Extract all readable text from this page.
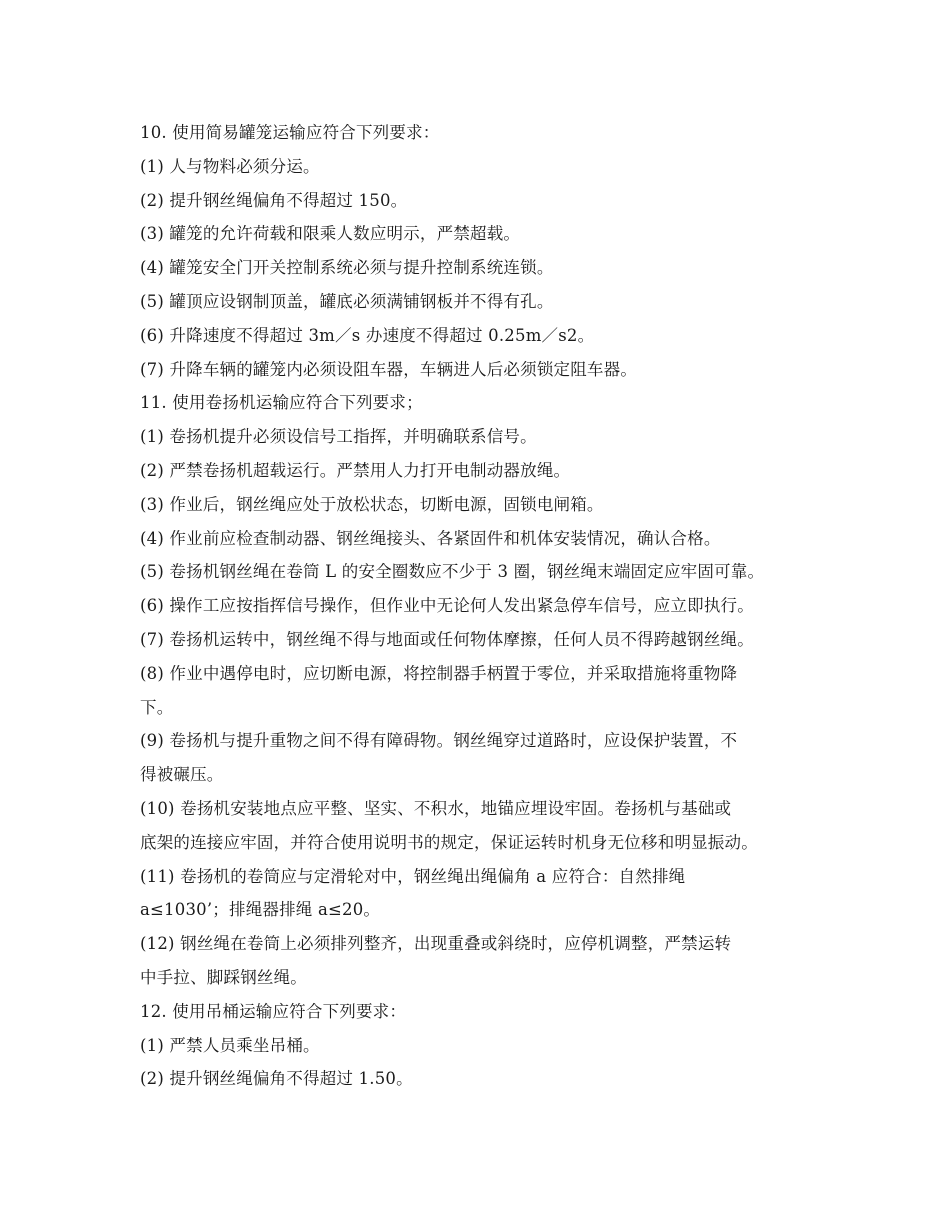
10. 使用简易罐笼运输应符合下列要求：
(1) 人与物料必须分运。
(2) 提升钢丝绳偏角不得超过 150。
(3) 罐笼的允许荷载和限乘人数应明示，严禁超载。
(4) 罐笼安全门开关控制系统必须与提升控制系统连锁。
(5) 罐顶应设钢制顶盖，罐底必须满铺钢板并不得有孔。
(6) 升降速度不得超过 3m／s 办速度不得超过 0.25m／s2。
(7) 升降车辆的罐笼内必须设阻车器，车辆进人后必须锁定阻车器。
11. 使用卷扬机运输应符合下列要求；
(1) 卷扬机提升必须设信号工指挥，并明确联系信号。
(2) 严禁卷扬机超载运行。严禁用人力打开电制动器放绳。
(3) 作业后，钢丝绳应处于放松状态，切断电源，固锁电闸箱。
(4) 作业前应检查制动器、钢丝绳接头、各紧固件和机体安装情况，确认合格。
(5) 卷扬机钢丝绳在卷筒 L 的安全圈数应不少于 3 圈，钢丝绳末端固定应牢固可靠。
(6) 操作工应按指挥信号操作，但作业中无论何人发出紧急停车信号，应立即执行。
(7) 卷扬机运转中，钢丝绳不得与地面或任何物体摩擦，任何人员不得跨越钢丝绳。
(8) 作业中遇停电时，应切断电源，将控制器手柄置于零位，并采取措施将重物降
下。
(9) 卷扬机与提升重物之间不得有障碍物。钢丝绳穿过道路时，应设保护装置，不
得被碾压。
(10) 卷扬机安装地点应平整、坚实、不积水，地锚应埋设牢固。卷扬机与基础或
底架的连接应牢固，并符合使用说明书的规定，保证运转时机身无位移和明显振动。
(11) 卷扬机的卷筒应与定滑轮对中，钢丝绳出绳偏角 a 应符合：自然排绳
a≤1030’；排绳器排绳 a≤20。
(12) 钢丝绳在卷筒上必须排列整齐，出现重叠或斜绕时，应停机调整，严禁运转
中手拉、脚踩钢丝绳。
12. 使用吊桶运输应符合下列要求：
(1) 严禁人员乘坐吊桶。
(2) 提升钢丝绳偏角不得超过 1.50。
